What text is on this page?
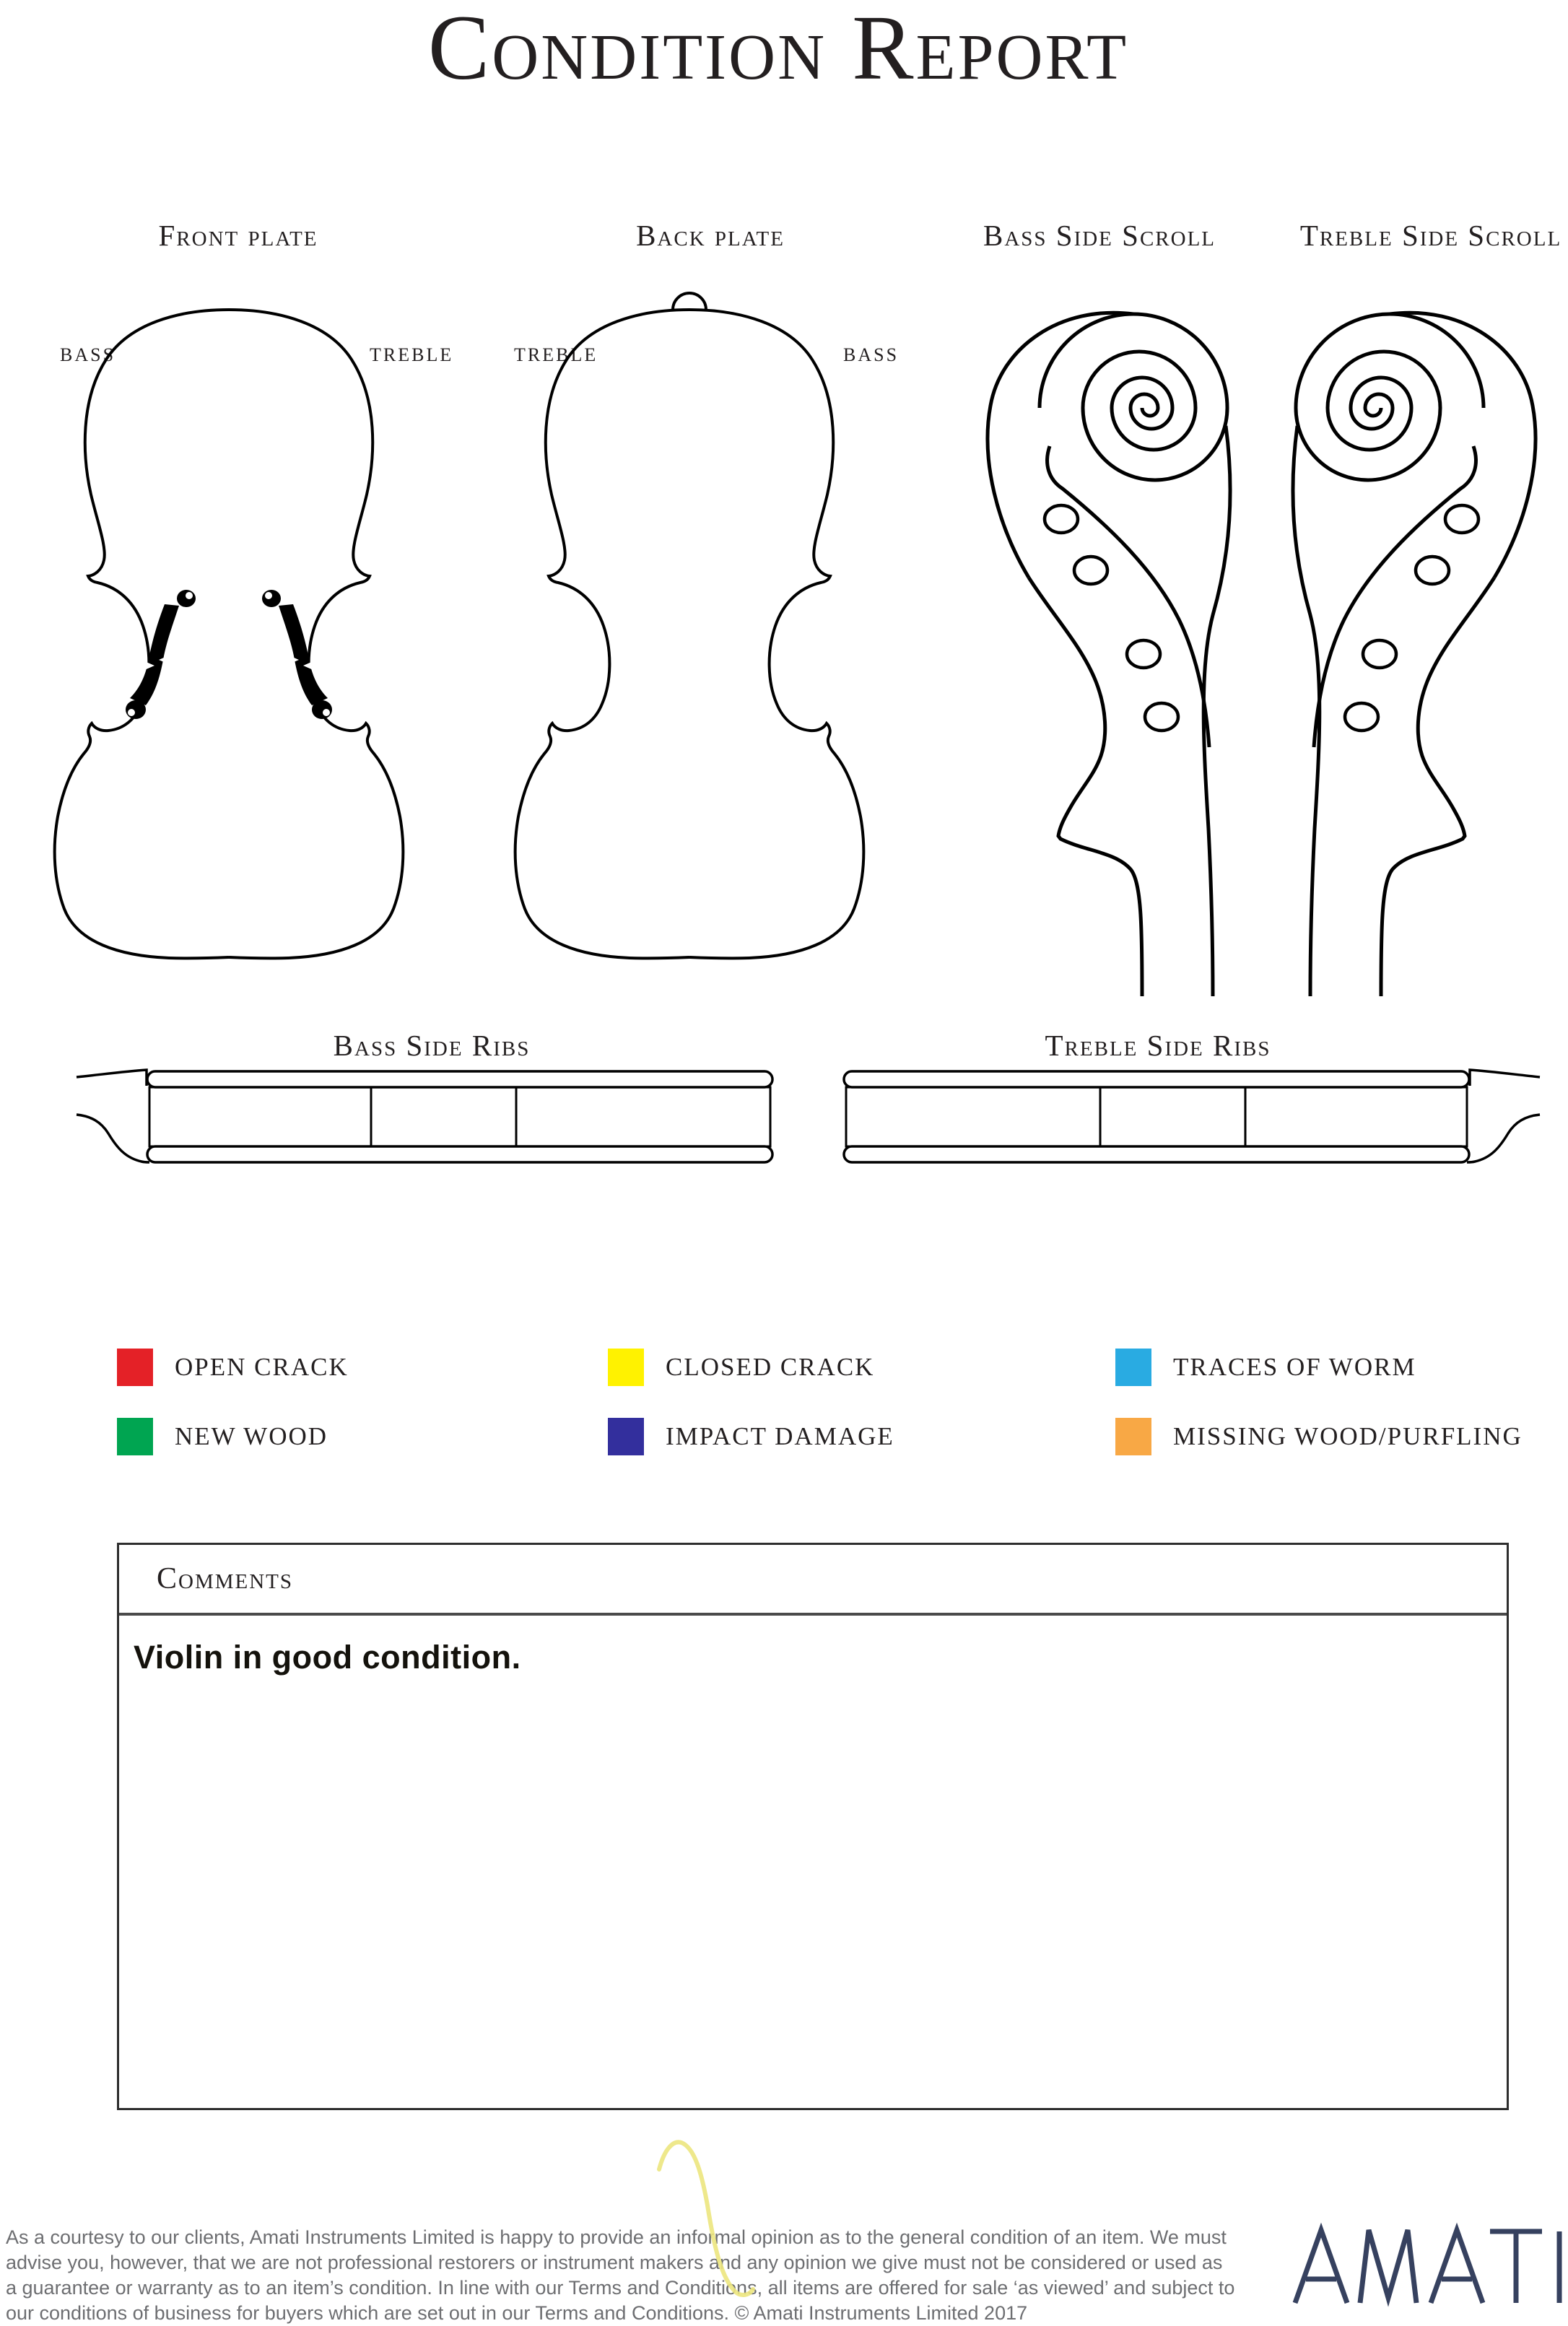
Condition Report
Front plate	Back plate	Bass Side Scroll	Treble Side Scroll
BASS	TREBLE	TREBLE	BASS
Bass Side Ribs	Treble Side Ribs
OPEN CRACK	CLOSED CRACK	TRACES OF WORM
NEW WOOD	IMPACT DAMAGE	MISSING WOOD/PURFLING
Comments
Violin in good condition.
As a courtesy to our clients, Amati Instruments Limited is happy to provide an informal opinion as to the general condition of an item. We must
advise you, however, that we are not professional restorers or instrument makers and any opinion we give must not be considered or used as
a guarantee or warranty as to an item’s condition. In line with our Terms and Conditions, all items are offered for sale ‘as viewed’ and subject to
our conditions of business for buyers which are set out in our Terms and Conditions. © Amati Instruments Limited 2017
